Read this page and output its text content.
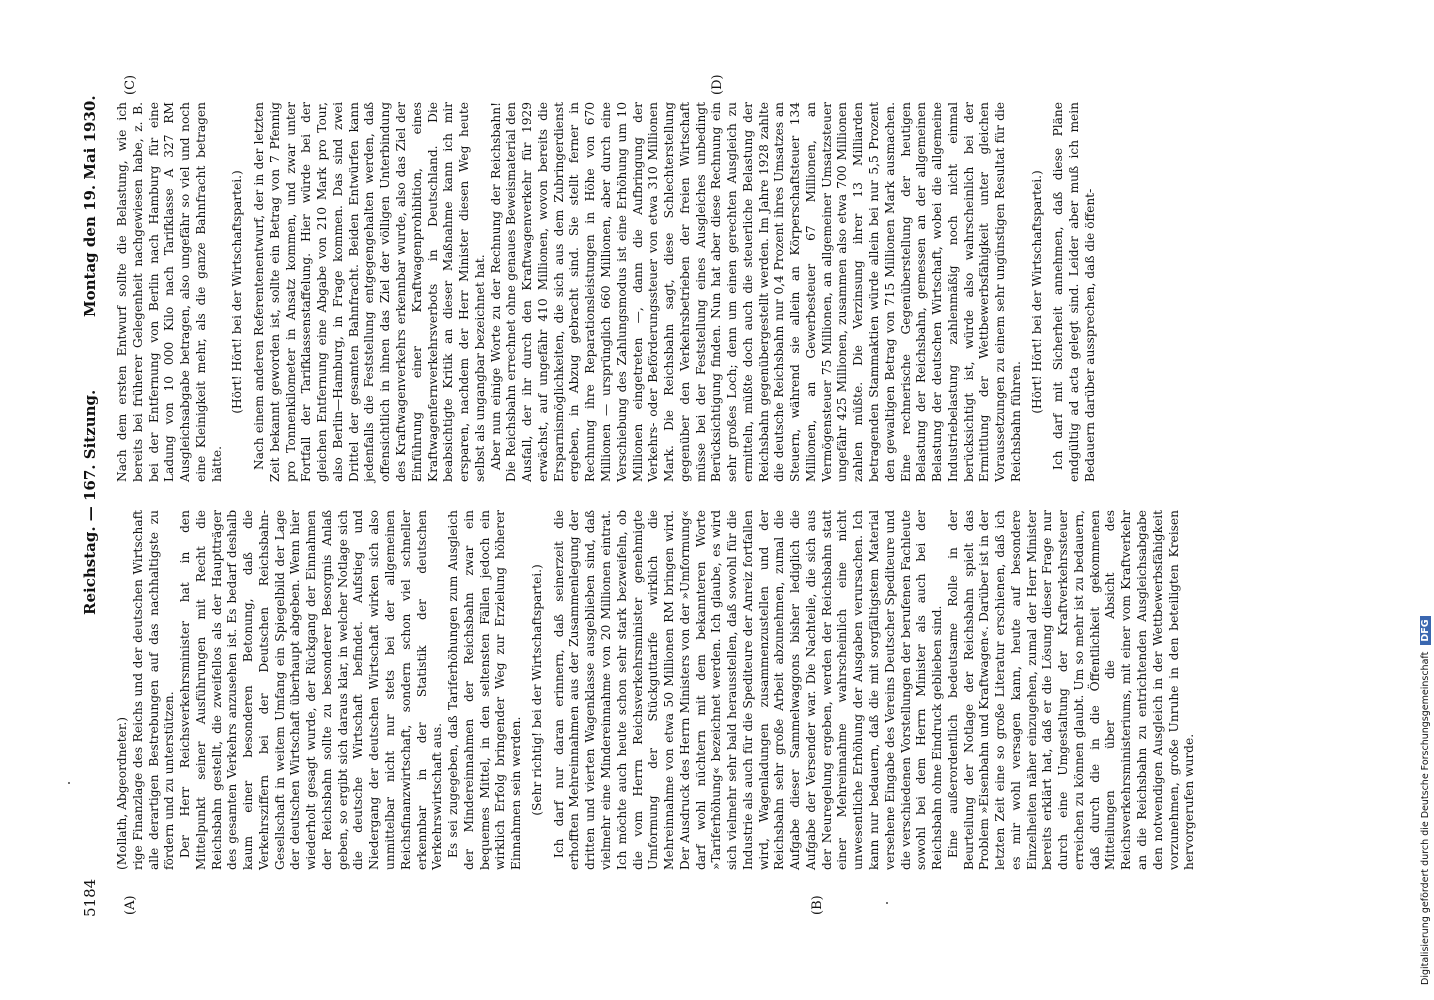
5184
Reichstag. — 167. Sitzung.
Montag den 19. Mai 1930.
(A)	(B)
(C)	(D)

(Mollath, Abgeordneter.) rige Finanzlage des Reichs und der deutschen Wirtschaft alle derartigen Bestrebungen auf das nachhaltigste zu fördern und zu unterstützen. Der Herr Reichsverkehrsminister hat in den Mittelpunkt seiner Ausführungen mit Recht die Reichsbahn gestellt, die zweifellos als der Hauptträger des gesamten Verkehrs anzusehen ist. Es bedarf deshalb kaum einer besonderen Betonung, daß die Verkehrsziffern bei der Deutschen Reichsbahn-Gesellschaft in weitem Umfang ein Spiegelbild der Lage der deutschen Wirtschaft überhaupt abgeben. Wenn hier wiederholt gesagt wurde, der Rückgang der Einnahmen der Reichsbahn sollte zu besonderer Besorgnis Anlaß geben, so ergibt sich daraus klar, in welcher Notlage sich die deutsche Wirtschaft befindet. Aufstieg und Niedergang der deutschen Wirtschaft wirken sich also unmittelbar nicht nur stets bei der allgemeinen Reichsfinanzwirtschaft, sondern schon viel schneller erkennbar in der Statistik der deutschen Verkehrswirtschaft aus. Es sei zugegeben, daß Tariferhöhungen zum Ausgleich der Mindereinnahmen der Reichsbahn zwar ein bequemes Mittel, in den seltensten Fällen jedoch ein wirklich Erfolg bringender Weg zur Erzielung höherer Einnahmen sein werden. (Sehr richtig! bei der Wirtschaftspartei.) Ich darf nur daran erinnern, daß seinerzeit die erhofften Mehreinnahmen aus der Zusammenlegung der dritten und vierten Wagenklasse ausgeblieben sind, daß vielmehr eine Mindereinnahme von 20 Millionen eintrat. Ich möchte auch heute schon sehr stark bezweifeln, ob die vom Herrn Reichsverkehrsminister genehmigte Umformung der Stückguttarife wirklich die Mehreinnahme von etwa 50 Millionen RM bringen wird. Der Ausdruck des Herrn Ministers von der »Umformung« darf wohl nüchtern mit dem bekannteren Worte »Tariferhöhung« bezeichnet werden. Ich glaube, es wird sich vielmehr sehr bald herausstellen, daß sowohl für die Industrie als auch für die Spediteure der Anreiz fortfallen wird, Wagenladungen zusammenzustellen und der Reichsbahn sehr große Arbeit abzunehmen, zumal die Aufgabe dieser Sammelwaggons bisher lediglich die Aufgabe der Versender war. Die Nachteile, die sich aus der Neuregelung ergeben, werden der Reichsbahn statt einer Mehreinnahme wahrscheinlich eine nicht unwesentliche Erhöhung der Ausgaben verursachen. Ich kann nur bedauern, daß die mit sorgfältigstem Material versehene Eingabe des Vereins Deutscher Spediteure und die verschiedenen Vorstellungen der berufenen Fachleute sowohl bei dem Herrn Minister als auch bei der Reichsbahn ohne Eindruck geblieben sind. Eine außerordentlich bedeutsame Rolle in der Beurteilung der Notlage der Reichsbahn spielt das Problem »Eisenbahn und Kraftwagen«. Darüber ist in der letzten Zeit eine so große Literatur erschienen, daß ich es mir wohl versagen kann, heute auf besondere Einzelheiten näher einzugehen, zumal der Herr Minister bereits erklärt hat, daß er die Lösung dieser Frage nur durch eine Umgestaltung der Kraftverkehrssteuer erreichen zu können glaubt. Um so mehr ist zu bedauern, daß durch die in die Öffentlichkeit gekommenen Mitteilungen über die Absicht des Reichsverkehrsministeriums, mit einer vom Kraftverkehr an die Reichsbahn zu entrichtenden Ausgleichsabgabe den notwendigen Ausgleich in der Wettbewerbsfähigkeit vorzunehmen, große Unruhe in den beteiligten Kreisen hervorgerufen wurde.

Nach dem ersten Entwurf sollte die Belastung, wie ich bereits bei früherer Gelegenheit nachgewiesen habe, z. B. bei der Entfernung von Berlin nach Hamburg für eine Ladung von 10 000 Kilo nach Tarifklasse A 327 RM Ausgleichsabgabe betragen, also ungefähr so viel und noch eine Kleinigkeit mehr, als die ganze Bahnfracht betragen hätte.

(Hört! Hört! bei der Wirtschaftspartei.) Nach einem anderen Referentenentwurf, der in der letzten Zeit bekannt geworden ist, sollte ein Betrag von 7 Pfennig pro Tonnenkilometer in Ansatz kommen, und zwar unter Fortfall der Tarifklassenstaffelung. Hier würde bei der gleichen Entfernung eine Abgabe von 210 Mark pro Tour, also Berlin—Hamburg, in Frage kommen. Das sind zwei Drittel der gesamten Bahnfracht. Beiden Entwürfen kann jedenfalls die Feststellung entgegengehalten werden, daß offensichtlich in ihnen das Ziel der völligen Unterbindung des Kraftwagenverkehrs erkennbar wurde, also das Ziel der Einführung einer Kraftwagenprohibition, eines Kraftwagenfernverkehrsverbots in Deutschland. Die beabsichtigte Kritik an dieser Maßnahme kann ich mir ersparen, nachdem der Herr Minister diesen Weg heute selbst als ungangbar bezeichnet hat. Aber nun einige Worte zu der Rechnung der Reichsbahn! Die Reichsbahn errechnet ohne genaues Beweismaterial den Ausfall, der ihr durch den Kraftwagenverkehr für 1929 erwächst, auf ungefähr 410 Millionen, wovon bereits die Ersparnismöglichkeiten, die sich aus dem Zubringerdienst ergeben, in Abzug gebracht sind. Sie stellt ferner in Rechnung ihre Reparationsleistungen in Höhe von 670 Millionen — ursprünglich 660 Millionen, aber durch eine Verschiebung des Zahlungsmodus ist eine Erhöhung um 10 Millionen eingetreten —, dann die Aufbringung der Verkehrs- oder Beförderungssteuer von etwa 310 Millionen Mark. Die Reichsbahn sagt, diese Schlechterstellung gegenüber den Verkehrsbetrieben der freien Wirtschaft müsse bei der Feststellung eines Ausgleiches unbedingt Berücksichtigung finden. Nun hat aber diese Rechnung ein sehr großes Loch; denn um einen gerechten Ausgleich zu ermitteln, müßte doch auch die steuerliche Belastung der Reichsbahn gegenübergestellt werden. Im Jahre 1928 zahlte die deutsche Reichsbahn nur 0,4 Prozent ihres Umsatzes an Steuern, während sie allein an Körperschaftsteuer 134 Millionen, an Gewerbesteuer 67 Millionen, an Vermögensteuer 75 Millionen, an allgemeiner Umsatzsteuer ungefähr 425 Millionen, zusammen also etwa 700 Millionen zahlen müßte. Die Verzinsung ihrer 13 Milliarden betragenden Stammaktien würde allein bei nur 5,5 Prozent den gewaltigen Betrag von 715 Millionen Mark ausmachen. Eine rechnerische Gegenüberstellung der heutigen Belastung der Reichsbahn, gemessen an der allgemeinen Belastung der deutschen Wirtschaft, wobei die allgemeine Industriebelastung zahlenmäßig noch nicht einmal berücksichtigt ist, würde also wahrscheinlich bei der Ermittlung der Wettbewerbsfähigkeit unter gleichen Voraussetzungen zu einem sehr ungünstigen Resultat für die Reichsbahn führen.

(Hört! Hört! bei der Wirtschaftspartei.) Ich darf mit Sicherheit annehmen, daß diese Pläne endgültig ad acta gelegt sind. Leider aber muß ich mein Bedauern darüber aussprechen, daß die öffent-

Digitalisierung gefördert durch die Deutsche Forschungsgemeinschaft DFG
